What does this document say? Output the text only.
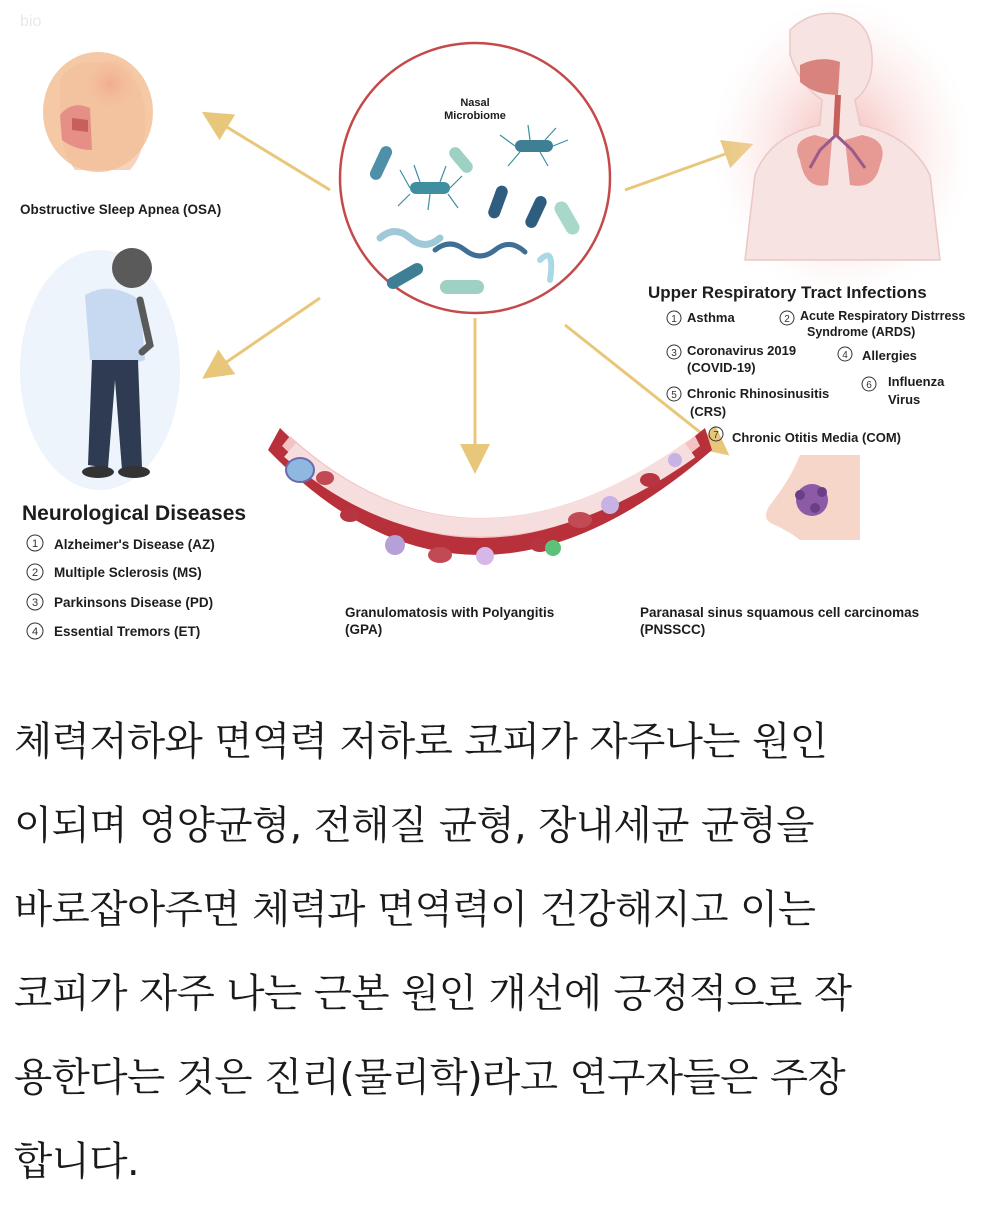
bio
Obstructive Sleep Apnea (OSA)
Nasal
Microbiome
Upper Respiratory Tract Infections
1 Asthma	2 Acute Respiratory Distrress
Syndrome (ARDS)
3 Coronavirus 2019
(COVID-19)
4 Allergies
5 Chronic Rhinosinusitis
(CRS)
6 Influenza
Virus
7 Chronic Otitis Media (COM)
Neurological Diseases
1 Alzheimer's Disease (AZ)
2 Multiple Sclerosis (MS)
3 Parkinsons Disease (PD)
4 Essential Tremors (ET)
Granulomatosis with Polyangitis
(GPA)
Paranasal sinus squamous cell carcinomas
(PNSSCC)
체력저하와 면역력 저하로 코피가 자주나는 원인
이되며 영양균형, 전해질 균형, 장내세균 균형을
바로잡아주면 체력과 면역력이 건강해지고 이는
코피가 자주 나는 근본 원인 개선에 긍정적으로 작
용한다는 것은 진리(물리학)라고 연구자들은 주장
합니다.
